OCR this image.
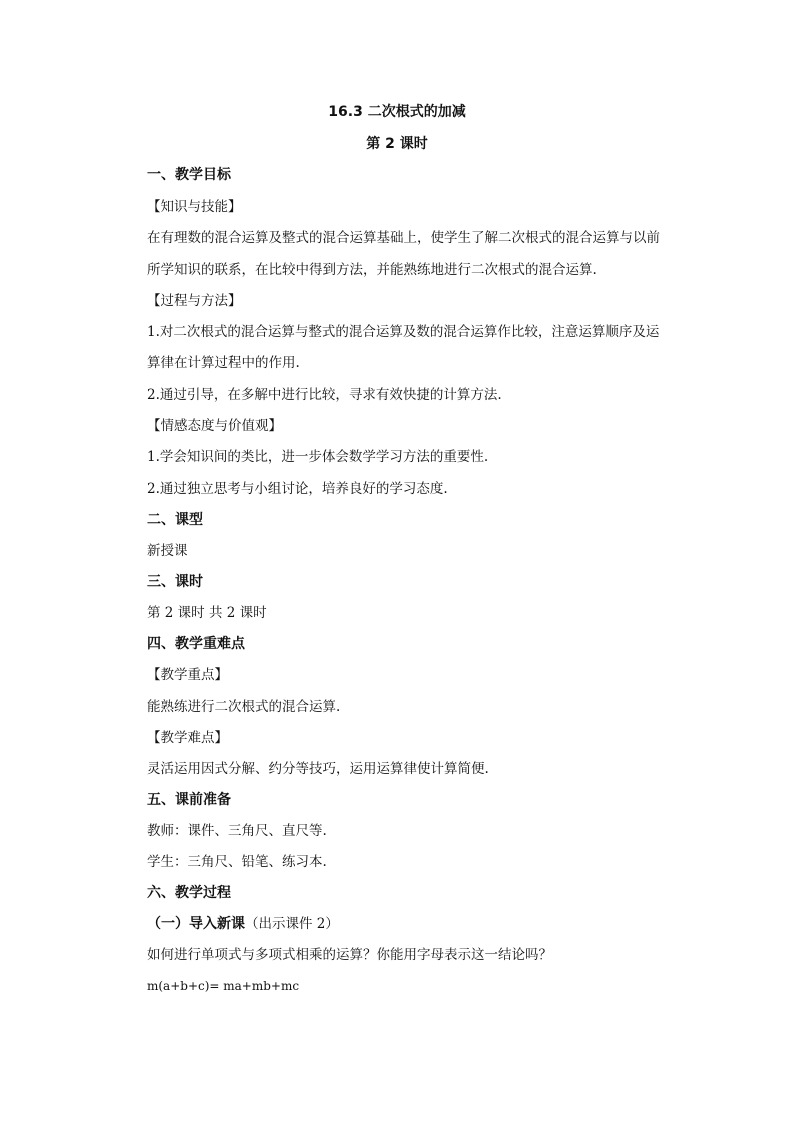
16.3 二次根式的加减
第 2 课时
一、教学目标
【知识与技能】
在有理数的混合运算及整式的混合运算基础上，使学生了解二次根式的混合运算与以前
所学知识的联系，在比较中得到方法，并能熟练地进行二次根式的混合运算.
【过程与方法】
1.对二次根式的混合运算与整式的混合运算及数的混合运算作比较，注意运算顺序及运
算律在计算过程中的作用.
2.通过引导，在多解中进行比较，寻求有效快捷的计算方法.
【情感态度与价值观】
1.学会知识间的类比，进一步体会数学学习方法的重要性.
2.通过独立思考与小组讨论，培养良好的学习态度.
二、课型
新授课
三、课时
第 2 课时 共 2 课时
四、教学重难点
【教学重点】
能熟练进行二次根式的混合运算.
【教学难点】
灵活运用因式分解、约分等技巧，运用运算律使计算简便.
五、课前准备
教师：课件、三角尺、直尺等.
学生：三角尺、铅笔、练习本.
六、教学过程
（一）导入新课（出示课件 2）
如何进行单项式与多项式相乘的运算？你能用字母表示这一结论吗？
m(a+b+c)= ma+mb+mc
